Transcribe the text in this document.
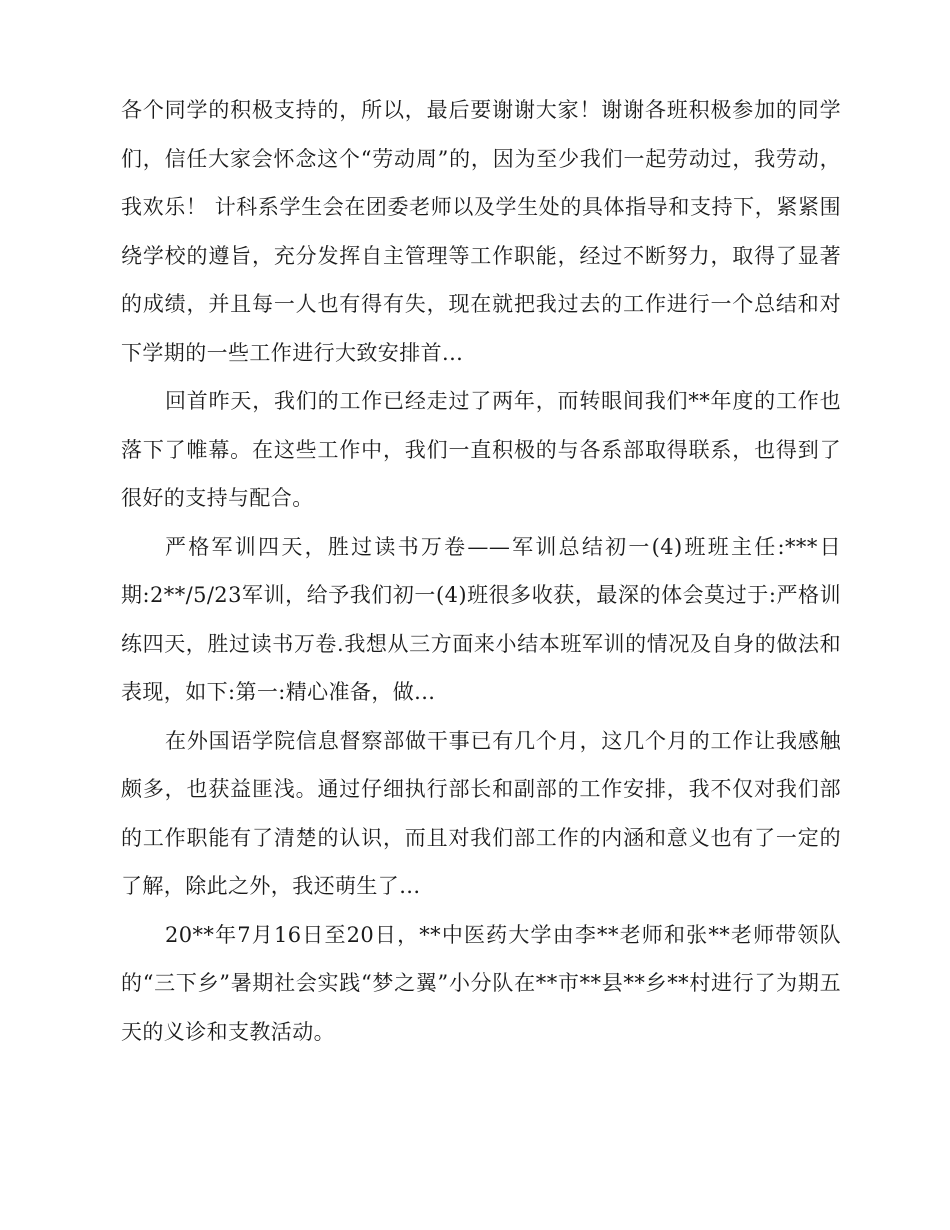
各个同学的积极支持的，所以，最后要谢谢大家！谢谢各班积极参加的同学们，信任大家会怀念这个“劳动周”的，因为至少我们一起劳动过，我劳动，我欢乐！ 计科系学生会在团委老师以及学生处的具体指导和支持下，紧紧围绕学校的遵旨，充分发挥自主管理等工作职能，经过不断努力，取得了显著的成绩，并且每一人也有得有失，现在就把我过去的工作进行一个总结和对下学期的一些工作进行大致安排首...

回首昨天，我们的工作已经走过了两年，而转眼间我们**年度的工作也落下了帷幕。在这些工作中，我们一直积极的与各系部取得联系，也得到了很好的支持与配合。

严格军训四天，胜过读书万卷——军训总结初一(4)班班主任:***日期:2**/5/23军训，给予我们初一(4)班很多收获，最深的体会莫过于:严格训练四天，胜过读书万卷.我想从三方面来小结本班军训的情况及自身的做法和表现，如下:第一:精心准备，做...

在外国语学院信息督察部做干事已有几个月，这几个月的工作让我感触颇多，也获益匪浅。通过仔细执行部长和副部的工作安排，我不仅对我们部的工作职能有了清楚的认识，而且对我们部工作的内涵和意义也有了一定的了解，除此之外，我还萌生了...

20**年7月16日至20日，**中医药大学由李**老师和张**老师带领队的“三下乡”暑期社会实践“梦之翼”小分队在**市**县**乡**村进行了为期五天的义诊和支教活动。
